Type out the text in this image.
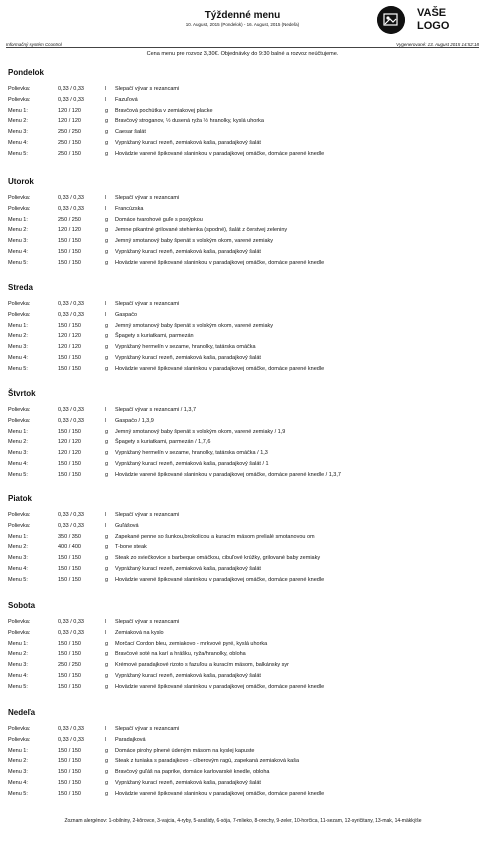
Týždenné menu
10. August, 2015 (Pondelok) - 16. August, 2015 (Nedeľa)
VAŠE LOGO
Informačný systém Ccontrol	Vygenerované: 13. August 2015 14:52:18
Cena menu pre rozvoz 3,30€. Objednávky do 9:30 balné a rozvoz neúčtujeme.
Pondelok
Polievka:	0,33 / 0,33	l Slepačí vývar s rezancami
Polievka:	0,33 / 0,33	l Fazuľová
Menu 1:	120 / 120	g Bravčová pochútka v zemiakovej placke
Menu 2:	120 / 120	g Bravčový stroganov, ½ dusená ryža ½ hranolky, kyslá uhorka
Menu 3:	250 / 250	g Caesar šalát
Menu 4:	250 / 150	g Vyprážaný kurací rezeň, zemiaková kaša, paradajkový šalát
Menu 5:	250 / 150	g Hovädzie varené špikované slaninkou v paradajkovej omáčke, domáce parené knedle
Utorok
Polievka:	0,33 / 0,33	l Slepačí vývar s rezancami
Polievka:	0,33 / 0,33	l Francúzska
Menu 1:	250 / 250	g Domáce tvarohové guľe s posýpkou
Menu 2:	120 / 120	g Jemne pikantné grilované stehienka (spodné), šalát z čerstvej zeleniny
Menu 3:	150 / 150	g Jemný smotanový baby špenát s volským okom, varené zemiaky
Menu 4:	150 / 150	g Vyprážaný kurací rezeň, zemiaková kaša, paradajkový šalát
Menu 5:	150 / 150	g Hovädzie varené špikované slaninkou v paradajkovej omáčke, domáce parené knedle
Streda
Polievka:	0,33 / 0,33	l Slepačí vývar s rezancami
Polievka:	0,33 / 0,33	l Gaspačo
Menu 1:	150 / 150	g Jemný smotanový baby špenát s volským okom, varené zemiaky
Menu 2:	120 / 120	g Špagety s kuriatkami, parmezán
Menu 3:	120 / 120	g Vyprážaný hermelín v sezame, hranolky, tatárska omáčka
Menu 4:	150 / 150	g Vyprážaný kurací rezeň, zemiaková kaša, paradajkový šalát
Menu 5:	150 / 150	g Hovädzie varené špikované slaninkou v paradajkovej omáčke, domáce parené knedle
Štvrtok
Polievka:	0,33 / 0,33	l Slepačí vývar s rezancami / 1,3,7
Polievka:	0,33 / 0,33	l Gaspačo / 1,3,9
Menu 1:	150 / 150	g Jemný smotanový baby špenát s volským okom, varené zemiaky / 1,9
Menu 2:	120 / 120	g Špagety s kuriatkami, parmezán / 1,7,6
Menu 3:	120 / 120	g Vyprážaný hermelín v sezame, hranolky, tatárska omáčka / 1,3
Menu 4:	150 / 150	g Vyprážaný kurací rezeň, zemiaková kaša, paradajkový šalát / 1
Menu 5:	150 / 150	g Hovädzie varené špikované slaninkou v paradajkovej omáčke, domáce parené knedle / 1,3,7
Piatok
Polievka:	0,33 / 0,33	l Slepačí vývar s rezancami
Polievka:	0,33 / 0,33	l Guľášová
Menu 1:	350 / 350	g Zapekané penne so šunkou,brokolicou a kuracím mäsom prelialé smotanovou om
Menu 2:	400 / 400	g T-bone steak
Menu 3:	150 / 150	g Steak zo sviečkovice s barbeque omáčkou, cibuľové krúžky, grilované baby zemiaky
Menu 4:	150 / 150	g Vyprážaný kurací rezeň, zemiaková kaša, paradajkový šalát
Menu 5:	150 / 150	g Hovädzie varené špikované slaninkou v paradajkovej omáčke, domáce parené knedle
Sobota
Polievka:	0,33 / 0,33	l Slepačí vývar s rezancami
Polievka:	0,33 / 0,33	l Zemiaková na kyslo
Menu 1:	150 / 150	g Morčací Cordon bleu, zemiakovo - mrkvové pyré, kyslá uhorka
Menu 2:	150 / 150	g Bravčové soté na karí a hrášku, ryža/hranolky, obloha
Menu 3:	250 / 250	g Krémové paradajkové rizoto s fazuľou a kuracím mäsom, balkánsky syr
Menu 4:	150 / 150	g Vyprážaný kurací rezeň, zemiaková kaša, paradajkový šalát
Menu 5:	150 / 150	g Hovädzie varené špikované slaninkou v paradajkovej omáčke, domáce parené knedle
Nedeľa
Polievka:	0,33 / 0,33	l Slepačí vývar s rezancami
Polievka:	0,33 / 0,33	l Paradajková
Menu 1:	150 / 150	g Domáce pirohy plnené údeným mäsom na kyslej kapuste
Menu 2:	150 / 150	g Steak z tuniaka s paradajkovo - cíberovým ragú, zapekaná zemiaková kaša
Menu 3:	150 / 150	g Bravčový guľáš na paprike, domáce karlovarské knedle, obloha
Menu 4:	150 / 150	g Vyprážaný kurací rezeň, zemiaková kaša, paradajkový šalát
Menu 5:	150 / 150	g Hovädzie varené špikované slaninkou v paradajkovej omáčke, domáce parené knedle
Zoznam alergénov: 1-obilniny, 2-kôrovce, 3-vajcia, 4-ryby, 5-arašidy, 6-sója, 7-mlieko, 8-orechy, 9-zeler, 10-horčica, 11-sezam, 12-syričitany, 13-mak, 14-mäkkýše
